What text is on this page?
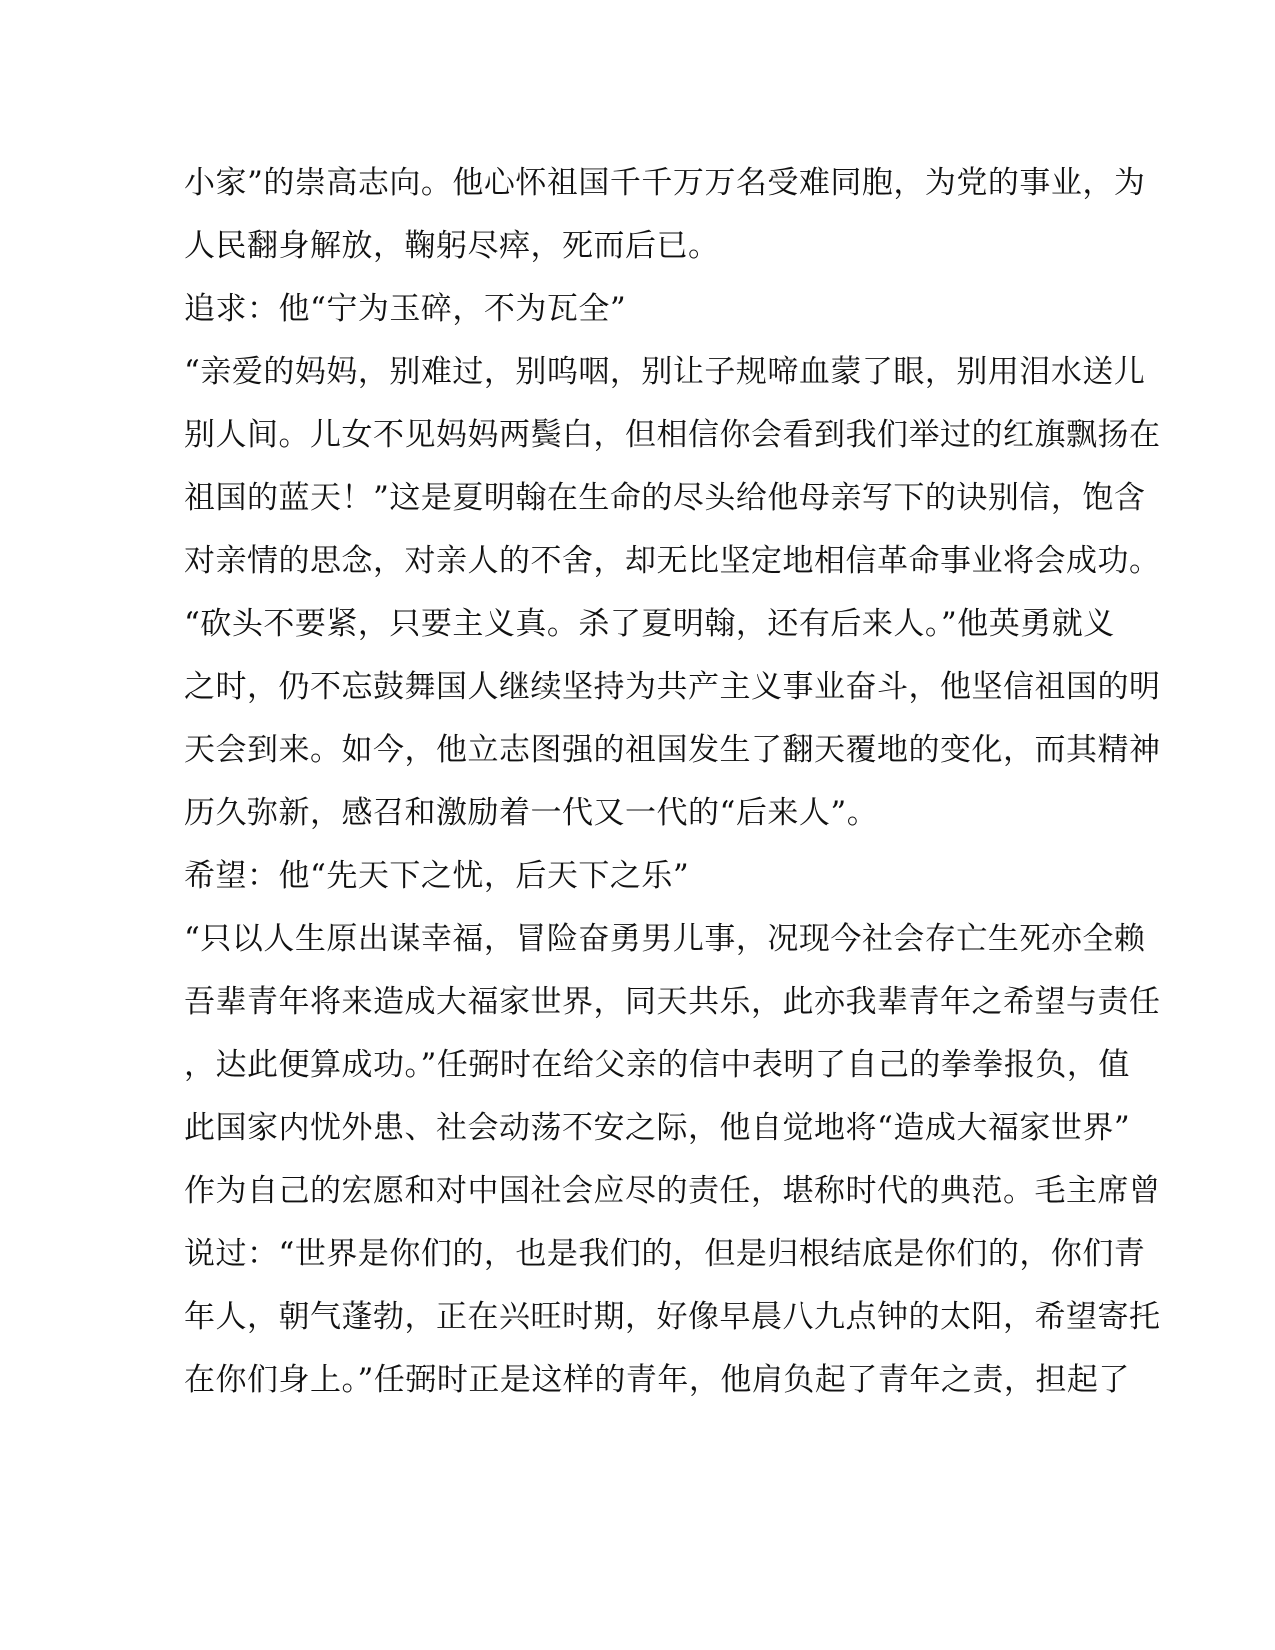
小家”的崇高志向。他心怀祖国千千万万名受难同胞，为党的事业，为
人民翻身解放，鞠躬尽瘁，死而后已。
追求：他“宁为玉碎，不为瓦全”
“亲爱的妈妈，别难过，别呜咽，别让子规啼血蒙了眼，别用泪水送儿
别人间。儿女不见妈妈两鬓白，但相信你会看到我们举过的红旗飘扬在
祖国的蓝天！”这是夏明翰在生命的尽头给他母亲写下的诀别信，饱含
对亲情的思念，对亲人的不舍，却无比坚定地相信革命事业将会成功。
“砍头不要紧，只要主义真。杀了夏明翰，还有后来人。”他英勇就义
之时，仍不忘鼓舞国人继续坚持为共产主义事业奋斗，他坚信祖国的明
天会到来。如今，他立志图强的祖国发生了翻天覆地的变化，而其精神
历久弥新，感召和激励着一代又一代的“后来人”。
希望：他“先天下之忧，后天下之乐”
“只以人生原出谋幸福，冒险奋勇男儿事，况现今社会存亡生死亦全赖
吾辈青年将来造成大福家世界，同天共乐，此亦我辈青年之希望与责任
，达此便算成功。”任弼时在给父亲的信中表明了自己的拳拳报负，值
此国家内忧外患、社会动荡不安之际，他自觉地将“造成大福家世界”
作为自己的宏愿和对中国社会应尽的责任，堪称时代的典范。毛主席曾
说过：“世界是你们的，也是我们的，但是归根结底是你们的，你们青
年人，朝气蓬勃，正在兴旺时期，好像早晨八九点钟的太阳，希望寄托
在你们身上。”任弼时正是这样的青年，他肩负起了青年之责，担起了
